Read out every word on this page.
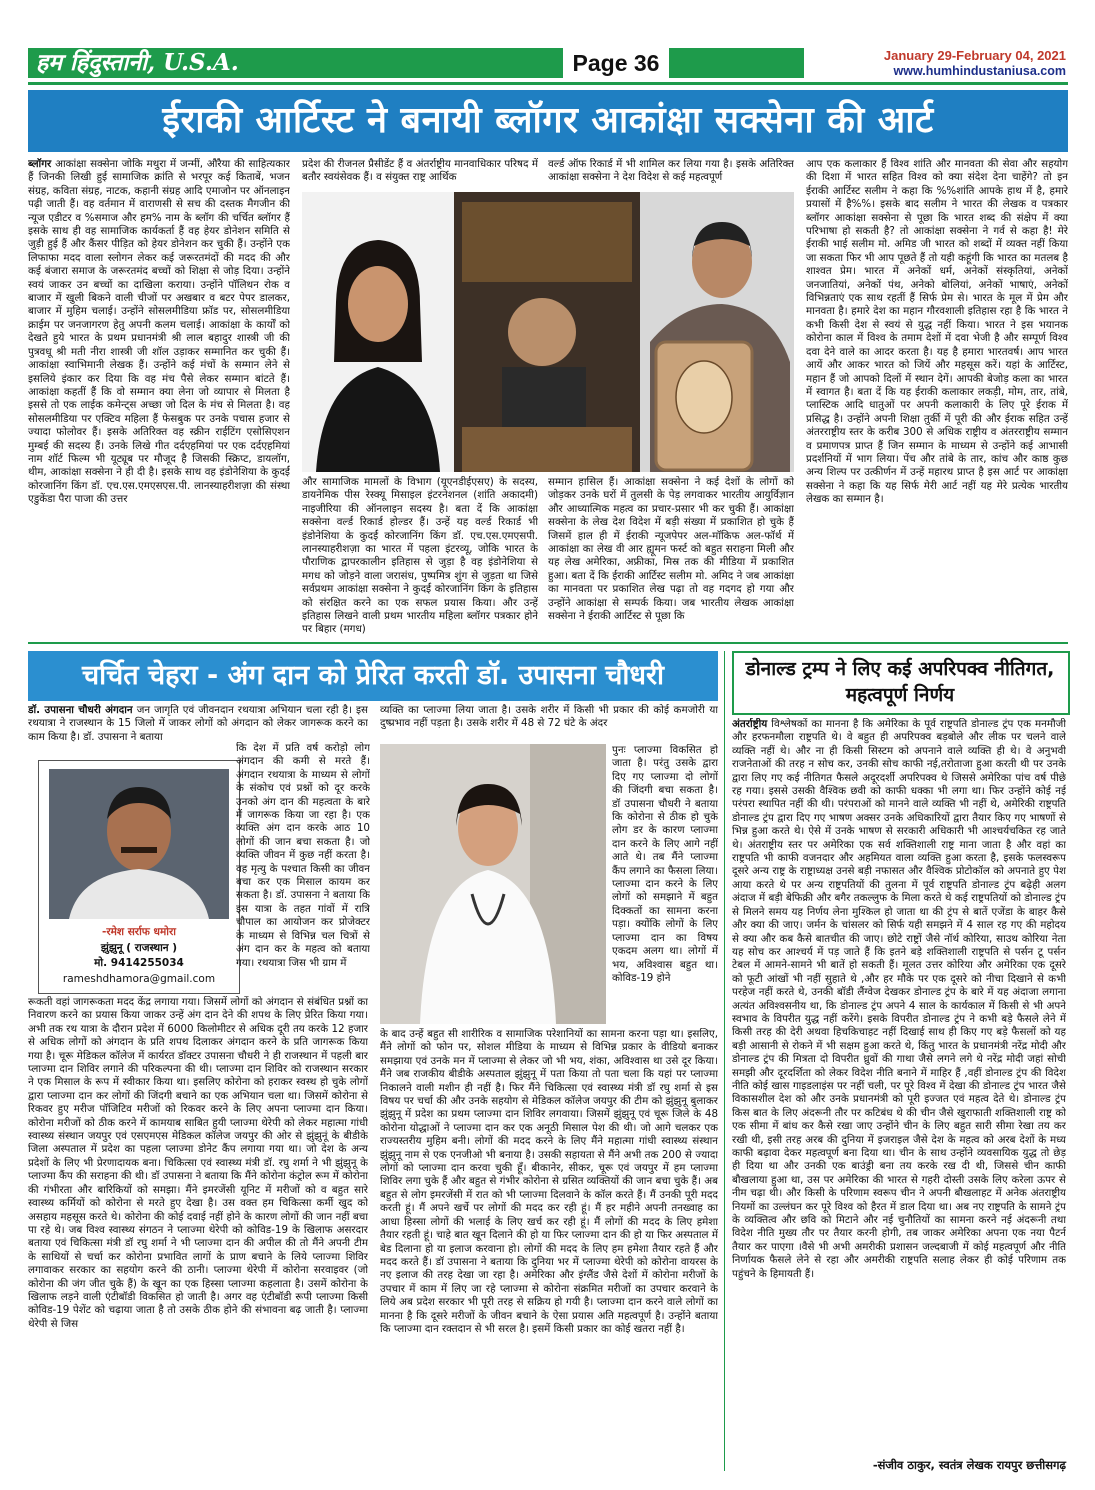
हम हिंदुस्तानी, U.S.A.	Page 36	January 29-February 04, 2021
www.humhindustaniusa.com
ईराकी आर्टिस्ट ने बनायी ब्लॉगर आकांक्षा सक्सेना की आर्ट
ब्लॉगर आकांक्षा सक्सेना जोकि मथुरा में जन्मीं, औरैया की साहित्यकार हैं जिनकी लिखी हुई सामाजिक क्रांति से भरपूर कई किताबें, भजन संग्रह, कविता संग्रह, नाटक, कहानी संग्रह आदि एमाजोन पर ऑनलाइन पढ़ी जाती हैं। वह वर्तमान में वाराणसी से सच की दस्तक मैगजीन की न्यूज एडीटर व %समाज और हम% नाम के ब्लॉग की चर्चित ब्लॉगर हैं इसके साथ ही वह सामाजिक कार्यकर्ता हैं वह हेयर डोनेशन समिति से जुड़ी हुई हैं और कैंसर पीड़ित को हेयर डोनेशन कर चुकी हैं। उन्होंने एक लिफाफा मदद वाला स्लोगन लेकर कई जरूरतमंदों की मदद की और कई बंजारा समाज के जरूरतमंद बच्चों को शिक्षा से जोड़ दिया। उन्होंने स्वयं जाकर उन बच्चों का दाखिला कराया। उन्होंने पॉलिथन रोक व बाजार में खुली बिकने वाली चीजों पर अखबार व बटर पेपर डालकर, बाजार में मुहिम चलाई। उन्होंने सोसलमीडिया फ्रॉड पर, सोसलमीडिया क्राईम पर जनजागरण हेतु अपनी कलम चलाई। आकांक्षा के कार्यों को देखते हुये भारत के प्रथम प्रधानमंत्री श्री लाल बहादुर शास्त्री जी की पुत्रवधू श्री मती नीरा शास्त्री जी शॉल उड़ाकर सम्मानित कर चुकी हैं। आकांक्षा स्वाभिमानी लेखक हैं। उन्होंने कई मंचों के सम्मान लेने से इसलिये इंकार कर दिया कि वह मंच पैसे लेकर सम्मान बांटते हैं। आकांक्षा कहतीं हैं कि वो सम्मान क्या लेना जो व्यापार से मिलता है इससे तो एक लाईक कमेन्ट्स अच्छा जो दिल के मंच से मिलता है। वह सोसलमीडिया पर एक्टिव महिला हैं फेसबुक पर उनके पचास हजार से ज्यादा फोलोवर हैं। इसके अतिरिक्त वह स्क्रीन राईटिंग एसोसिएशन मुम्बई की सदस्य हैं। उनके लिखे गीत दर्दएहमियां पर एक दर्दएहमियां नाम शॉर्ट फिल्म भी यूट्यूब पर मौजूद है जिसकी स्क्रिप्ट, डायलॉग, थीम, आकांक्षा सक्सेना ने ही दी है। इसके साथ वह इंडोनेशिया के कुदर्ई कोरजानिंग किंग डॉ. एच.एस.एमएसएस.पी. लानस्याहरीशज़ा की संस्था एडुकेंडा पैरा पाजा की उत्तर
प्रदेश की रीजनल प्रैसीडेंट हैं व अंतर्राष्ट्रीय मानवाधिकार परिषद में बतौर स्वयंसेवक हैं। व संयुक्त राष्ट्र आर्थिक
वर्ल्ड ऑफ रिकार्ड में भी शामिल कर लिया गया है। इसके अतिरिक्त आकांक्षा सक्सेना ने देश विदेश से कई महत्वपूर्ण
और सामाजिक मामलों के विभाग (यूएनडीईएसए) के सदस्य, डायनेमिक पीस रेस्क्यू मिसाइल इंटरनेशनल (शांति अकादमी) नाइजीरिया की ऑनलाइन सदस्य है। बता दें कि आकांक्षा सक्सेना वर्ल्ड रिकार्ड होल्डर हैं। उन्हें यह वर्ल्ड रिकार्ड भी इंडोनेशिया के कुदर्ई कोरजानिंग किंग डॉ. एच.एस.एमएसपी. लानस्याहरीशज़ा का भारत में पहला इंटरव्यू, जोकि भारत के पौराणिक द्वापरकालीन इतिहास से जुड़ा है वह इंडोनेशिया से मगध को जोड़ने वाला जरासंध, पुष्पमित्र शुंग से जुड़ता था जिसे सर्वप्रथम आकांक्षा सक्सेना ने कुदर्ई कोरजानिंग किंग के इतिहास को संरक्षित करने का एक सफल प्रयास किया। और उन्हें इतिहास लिखने वाली प्रथम भारतीय महिला ब्लॉगर पत्रकार होने पर बिहार (मगध)
सम्मान हासिल हैं। आकांक्षा सक्सेना ने कई देशों के लोगों को जोड़कर उनके घरों में तुलसी के पेड़ लगवाकर भारतीय आयुर्विज्ञान और आध्यात्मिक महत्व का प्रचार-प्रसार भी कर चुकी हैं। आकांक्षा सक्सेना के लेख देश विदेश में बड़ी संख्या में प्रकाशित हो चुके हैं जिसमें हाल ही में ईराकी न्यूजपेपर अल-मॉकिफ अल-फॉर्थ में आकांक्षा का लेख वी आर ह्यूमन फर्स्ट को बहुत सराहना मिली और यह लेख अमेरिका, अफ्रीका, मिस्र तक की मीडिया में प्रकाशित हुआ। बता दें कि ईराकी आर्टिस्ट सलीम मो. अमिद ने जब आकांक्षा का मानवता पर प्रकाशित लेख पढ़ा तो वह गदगद हो गया और उन्होंने आकांक्षा से सम्पर्क किया। जब भारतीय लेखक आकांक्षा सक्सेना ने ईराकी आर्टिस्ट से पूछा कि
आप एक कलाकार हैं विश्व शांति और मानवता की सेवा और सहयोग की दिशा में भारत सहित विश्व को क्या संदेश देना चाहेंगे? तो इन ईराकी आर्टिस्ट सलीम ने कहा कि %%शांति आपके हाथ में है, हमारे प्रयासों में है%%। इसके बाद सलीम ने भारत की लेखक व पत्रकार ब्लॉगर आकांक्षा सक्सेना से पूछा कि भारत शब्द की संक्षेप में क्या परिभाषा हो सकती है? तो आकांक्षा सक्सेना ने गर्व से कहा है! मेरे ईराकी भाई सलीम मो. अमिड जी भारत को शब्दों में व्यक्त नहीं किया जा सकता फिर भी आप पूछते हैं तो यही कहूंगी कि भारत का मतलब है शाश्वत प्रेम। भारत में अनेकों धर्म, अनेकों संस्कृतियां, अनेकों जनजातियां, अनेकों पंथ, अनेको बोलियां, अनेकों भाषाएं, अनेकों विभिन्नताएं एक साथ रहतीं हैं सिर्फ प्रेम से। भारत के मूल में प्रेम और मानवता है। हमारे देश का महान गौरवशाली इतिहास रहा है कि भारत ने कभी किसी देश से स्वयं से युद्ध नहीं किया। भारत ने इस भयानक कोरोना काल में विश्व के तमाम देशों में दवा भेजी है और सम्पूर्ण विश्व दवा देने वाले का आदर करता है। यह है हमारा भारतवर्ष। आप भारत आयें और आकर भारत को जियें और महसूस करें। यहां के आर्टिस्ट, महान हैं जो आपको दिलों में स्थान देगें। आपकी बेजोड़ कला का भारत में स्वागत है। बता दें कि यह ईराकी कलाकार लकड़ी, मोम, तार, तांबे, प्लास्टिक आदि धातुओं पर अपनी कलाकारी के लिए पूरे ईराक में प्रसिद्ध है। उन्होंने अपनी शिक्षा तुर्की में पूरी की और ईराक सहित उन्हें अंतरराष्ट्रीय स्तर के करीब 300 से अधिक राष्ट्रीय व अंतरराष्ट्रीय सम्मान व प्रमाणपत्र प्राप्त हैं जिन सम्मान के माध्यम से उन्होंने कई आभासी प्रदर्शनियों में भाग लिया। पेंच और तांबे के तार, कांच और काष्ठ कुछ अन्य शिल्प पर उत्कीर्णन में उन्हें महारथ प्राप्त है इस आर्ट पर आकांक्षा सक्सेना ने कहा कि यह सिर्फ मेरी आर्ट नहीं यह मेरे प्रत्येक भारतीय लेखक का सम्मान है।
चर्चित चेहरा - अंग दान को प्रेरित करती डॉ. उपासना चौधरी
डॉ. उपासना चौधरी अंगदान जन जागृति एवं जीवनदान रथयात्रा अभियान चला रही है। इस रथयात्रा ने राजस्थान के 15 जिलो में जाकर लोगों को अंगदान को लेकर जागरूक करने का काम किया है। डॉ. उपासना ने बताया
-रमेश सर्राफ धमोरा
झुंझुनू ( राजस्थान )
मो. 9414255034
rameshdhamora@gmail.com
कि देश में प्रति वर्ष करोड़ो लोग अंगदान की कमी से मरते हैं। अंगदान रथयात्रा के माध्यम से लोगों के संकोच एवं प्रश्नों को दूर करके उनको अंग दान की महत्वता के बारे में जागरूक किया जा रहा है। एक व्यक्ति अंग दान करके आठ 10 लोगों की जान बचा सकता है। जो व्यक्ति जीवन में कुछ नहीं करता है। वह मृत्यु के पश्चात किसी का जीवन बचा कर एक मिसाल कायम कर सकता है। डॉ. उपासना ने बताया कि इस यात्रा के तहत गांवों में रात्रि चौपाल का आयोजन कर प्रोजेक्टर के माध्यम से विभिन्न चल चित्रों से अंग दान कर के महत्व को बताया गया। रथयात्रा जिस भी ग्राम में
रूकती वहां जागरूकता मदद केंद्र लगाया गया। जिसमें लोगों को अंगदान से संबंधित प्रश्नों का निवारण करने का प्रयास किया जाकर उन्हें अंग दान देने की शपथ के लिए प्रेरित किया गया। अभी तक रथ यात्रा के दौरान प्रदेश में 6000 किलोमीटर से अधिक दूरी तय करके 12 हजार से अधिक लोगों को अंगदान के प्रति शपथ दिलाकर अंगदान करने के प्रति जागरूक किया गया है। चूरू मेडिकल कॉलेज में कार्यरत डॉक्टर उपासना चौधरी ने ही राजस्थान में पहली बार प्लाज्मा दान शिविर लगाने की परिकल्पना की थी। प्लाज्मा दान शिविर को राजस्थान सरकार ने एक मिसाल के रूप में स्वीकार किया था। इसलिए कोरोना को हराकर स्वस्थ हो चुके लोगों द्वारा प्लाज्मा दान कर लोगों की जिंदगी बचाने का एक अभियान चला था। जिसमें कोरोना से रिकवर हुए मरीज पॉजिटिव मरीजों को रिकवर करने के लिए अपना प्लाज्मा दान किया। कोरोना मरीजों को ठीक करने में कामयाब साबित हुयी प्लाज्मा थेरेपी को लेकर महात्मा गांधी स्वास्थ्य संस्थान जयपुर एवं एसएमएस मेडिकल कॉलेज जयपुर की ओर से झुंझुनूं के बीडीके जिला अस्पताल में प्रदेश का पहला प्लाज्मा डोनेट कैंप लगाया गया था। जो देश के अन्य प्रदेशों के लिए भी प्रेरणादायक बना। चिकित्सा एवं स्वास्थ्य मंत्री डॉ. रघु शर्मा ने भी झुंझुनू के प्लाज्मा कैंप की सराहना की थी। डॉ उपासना ने बताया कि मैंने कोरोना कंट्रोल रूम में कोरोना की गंभीरता और बारिकियों को समझा। मैंने इमरजेंसी यूनिट में मरीजों को व बहुत सारे स्वास्थ्य कर्मियों को कोरोना से मरते हुए देखा है। उस वक्त हम चिकित्सा कर्मी खुद को असहाय महसूस करते थे। कोरोना की कोई दवाई नहीं होने के कारण लोगों की जान नहीं बचा पा रहे थे। जब विश्व स्वास्थ्य संगठन ने प्लाज्मा थेरेपी को कोविड-19 के खिलाफ असरदार बताया एवं चिकित्सा मंत्री डॉ रघु शर्मा ने भी प्लाज्मा दान की अपील की तो मैंने अपनी टीम के साथियों से चर्चा कर कोरोना प्रभावित लागों के प्राण बचाने के लिये प्लाज्मा शिविर लगावाकर सरकार का सहयोग करने की ठानी। प्लाज्मा थेरेपी में कोरोना सरवाइवर (जो कोरोना की जंग जीत चुके हैं) के खून का एक हिस्सा प्लाज्मा कहलाता है। उसमें कोरोना के खिलाफ लड़ने वाली एंटीबॉडी विकसित हो जाती है। अगर वह एंटीबॉडी रूपी प्लाज्मा किसी कोविड-19 पेशेंट को चढ़ाया जाता है तो उसके ठीक होने की संभावना बढ़ जाती है। प्लाज्मा थेरेपी से जिस
व्यक्ति का प्लाज्मा लिया जाता है। उसके शरीर में किसी भी प्रकार की कोई कमजोरी या दुष्प्रभाव नहीं पड़ता है। उसके शरीर में 48 से 72 घंटे के अंदर
पुनः प्लाज्मा विकसित हो जाता है। परंतु उसके द्वारा दिए गए प्लाज्मा दो लोगों की जिंदगी बचा सकता है। डॉ उपासना चौधरी ने बताया कि कोरोना से ठीक हो चुके लोग डर के कारण प्लाज्मा दान करने के लिए आगे नहीं आते थे। तब मैंने प्लाज्मा कैंप लगाने का फैसला लिया। प्लाज्मा दान करने के लिए लोगों को समझाने में बहुत दिक्कतों का सामना करना पड़ा। क्योंकि लोगों के लिए प्लाज्मा दान का विषय एकदम अलग था। लोगों में भय, अविश्वास बहुत था। कोविड-19 होने
के बाद उन्हें बहुत सी शारीरिक व सामाजिक परेशानियों का सामना करना पड़ा था। इसलिए, मैंने लोगों को फोन पर, सोशल मीडिया के माध्यम से विभिन्न प्रकार के वीडियो बनाकर समझाया एवं उनके मन में प्लाज्मा से लेकर जो भी भय, शंका, अविश्वास था उसे दूर किया। मैंने जब राजकीय बीडीके अस्पताल झुंझुनू में पता किया तो पता चला कि यहां पर प्लाज्मा निकालने वाली मशीन ही नहीं है। फिर मैंने चिकित्सा एवं स्वास्थ्य मंत्री डॉ रघु शर्मा से इस विषय पर चर्चा की और उनके सहयोग से मेडिकल कॉलेज जयपुर की टीम को झुंझुनू बुलाकर झुंझुनू में प्रदेश का प्रथम प्लाज्मा दान शिविर लगवाया। जिसमें झुंझुनू एवं चूरू जिले के 48 कोरोना योद्धाओं ने प्लाज्मा दान कर एक अनूठी मिसाल पेश की थी। जो आगे चलकर एक राज्यस्तरीय मुहिम बनी। लोगों की मदद करने के लिए मैंने महात्मा गांधी स्वास्थ्य संस्थान झुंझुनू नाम से एक एनजीओ भी बनाया है। उसकी सहायता से मैंने अभी तक 200 से ज्यादा लोगों को प्लाज्मा दान करवा चुकी हूँ। बीकानेर, सीकर, चूरू एवं जयपुर में हम प्लाज्मा शिविर लगा चुके हैं और बहुत से गंभीर कोरोना से ग्रसित व्यक्तियों की जान बचा चुके हैं। अब बहुत से लोग इमरजेंसी में रात को भी प्लाज्मा दिलवाने के कॉल करते हैं। मैं उनकी पूरी मदद करती हूं। मैं अपने खर्चे पर लोगों की मदद कर रही हूं। मैं हर महीने अपनी तनख्वाह का आधा हिस्सा लोगों की भलाई के लिए खर्च कर रही हूं। मैं लोगों की मदद के लिए हमेशा तैयार रहती हूं। चाहे बात खून दिलाने की हो या फिर प्लाज्मा दान की हो या फिर अस्पताल में बेड दिलाना हो या इलाज करवाना हो। लोगों की मदद के लिए हम हमेशा तैयार रहते हैं और मदद करते हैं। डॉ उपासना ने बताया कि दुनिया भर में प्लाज्मा थेरेपी को कोरोना वायरस के नए इलाज की तरह देखा जा रहा है। अमेरिका और इंग्लैंड जैसे देशों में कोरोना मरीजों के उपचार में काम में लिए जा रहे प्लाज्मा से कोरोना संक्रमित मरीजों का उपचार करवाने के लिये अब प्रदेश सरकार भी पूरी तरह से सक्रिय हो गयी है। प्लाज्मा दान करने वाले लोगों का मानना है कि दूसरे मरीजों के जीवन बचाने के ऐसा प्रयास अति महत्वपूर्ण है। उन्होंने बताया कि प्लाज्मा दान रक्तदान से भी सरल है। इसमें किसी प्रकार का कोई खतरा नहीं है।
डोनाल्ड ट्रम्प ने लिए कई अपरिपक्व नीतिगत, महत्वपूर्ण निर्णय
अंतर्राष्ट्रीय विश्लेषकों का मानना है कि अमेरिका के पूर्व राष्ट्रपति डोनाल्ड ट्रंप एक मनमौजी और हरफनमौला राष्ट्रपति थे। वे बहुत ही अपरिपक्व बड़बोले और लीक पर चलने वाले व्यक्ति नहीं थे। और ना ही किसी सिस्टम को अपनाने वाले व्यक्ति ही थे। वे अनुभवी राजनेताओं की तरह न सोच कर, उनकी सोच काफी नई,तरोताजा हुआ करती थी पर उनके द्वारा लिए गए कई नीतिगत फैसले अदूरदर्शी अपरिपक्व थे जिससे अमेरिका पांच वर्ष पीछे रह गया। इससे उसकी वैश्विक छवी को काफी धक्का भी लगा था। फिर उन्होंने कोई नई परंपरा स्थापित नहीं की थी। परंपराओं को मानने वाले व्यक्ति भी नहीं थे, अमेरिकी राष्ट्रपति डोनाल्ड ट्रंप द्वारा दिए गए भाषण अक्सर उनके अधिकारियों द्वारा तैयार किए गए भाषणों से भिन्न हुआ करते थे। ऐसे में उनके भाषण से सरकारी अधिकारी भी आश्चर्यचकित रह जाते थे। अंतराष्ट्रीय स्तर पर अमेरिका एक सर्व शक्तिशाली राष्ट्र माना जाता है और वहां का राष्ट्रपति भी काफी वजनदार और अहमियत वाला व्यक्ति हुआ करता है, इसके फलस्वरूप दूसरे अन्य राष्ट्र के राष्ट्राध्यक्ष उनसे बड़ी नफासत और वैश्विक प्रोटोकॉल को अपनाते हुए पेश आया करते थे पर अन्य राष्ट्रपतियों की तुलना में पूर्व राष्ट्रपति डोनाल्ड ट्रंप बढ़ेही अलग अंदाज में बड़ी बेफिक्री और बगैर तकल्लुफ के मिला करते थे कई राष्ट्रपतियों को डोनाल्ड ट्रंप से मिलने समय यह निर्णय लेना मुश्किल हो जाता था की ट्रंप से बातें एजेंडा के बाहर कैसे और क्या की जाए। जर्मन के चांसलर को सिर्फ यही समझने में 4 साल रह गए की महोदय से क्या और कब कैसे बातचीत की जाए। छोटे राष्ट्रों जैसे नॉर्थ कोरिया, साउथ कोरिया नेता यह सोच कर आश्चर्य में पड़ जाते हैं कि इतने बड़े शक्तिशाली राष्ट्रपति से पर्सन टू पर्सन टेबल में आमने-सामने भी बातें हो सकती हैं। मूलत उत्तर कोरिया और अमेरिका एक दूसरे को फूटी आंखों भी नहीं सुहाते थे ,और हर मौके पर एक दूसरे को नीचा दिखाने से कभी परहेज नहीं करते थे, उनकी बॉडी लैंग्वेज देखकर डोनाल्ड ट्रंप के बारे में यह अंदाजा लगाना अत्यंत अविश्वसनीय था, कि डोनाल्ड ट्रंप अपने 4 साल के कार्यकाल में किसी से भी अपने स्वभाव के विपरीत युद्ध नहीं करेंगे। इसके विपरीत डोनाल्ड ट्रंप ने कभी बड़े फैसले लेने में किसी तरह की देरी अथवा हिचकिचाहट नहीं दिखाई साथ ही किए गए बड़े फैसलों को यह बड़ी आसानी से रोकने में भी सक्षम हुआ करते थे, किंतु भारत के प्रधानमंत्री नरेंद्र मोदी और डोनाल्ड ट्रंप की मित्रता दो विपरीत ध्रुवों की गाथा जैसे लगने लगे थे नरेंद्र मोदी जहां सोची समझी और दूरदर्शिता को लेकर विदेश नीति बनाने में माहिर हैं ,वहीं डोनाल्ड ट्रंप की विदेश नीति कोई खास गाइडलाइंस पर नहीं चली, पर पूरे विश्व में देखा की डोनाल्ड ट्रंप भारत जैसे विकासशील देश को और उनके प्रधानमंत्री को पूरी इज्जत एवं महत्व देते थे। डोनाल्ड ट्रंप किस बात के लिए अंदरूनी तौर पर कटिबंध थे की चीन जैसे खुराफाती शक्तिशाली राष्ट्र को एक सीमा में बांध कर कैसे रखा जाए उन्होंने चीन के लिए बहुत सारी सीमा रेखा तय कर रखी थी, इसी तरह अरब की दुनिया में इजराइल जैसे देश के महत्व को अरब देशों के मध्य काफी बढ़ावा देकर महत्वपूर्ण बना दिया था। चीन के साथ उन्होंने व्यवसायिक युद्ध तो छेड़ ही दिया था और उनकी एक बाउंड्री बना तय करके रख दी थी, जिससे चीन काफी बौखलाया हुआ था, उस पर अमेरिका की भारत से गहरी दोस्ती उसके लिए करेला ऊपर से नीम चढ़ा थी। और किसी के परिणाम स्वरूप चीन ने अपनी बौखलाहट में अनेक अंतराष्ट्रीय नियमों का उल्लंघन कर पूरे विश्व को हैरत में डाल दिया था। अब नए राष्ट्रपति के सामने ट्रंप के व्यक्तित्व और छवि को मिटाने और नई चुनौतियों का सामना करने नई अंदरूनी तथा विदेश नीति मुख्य तौर पर तैयार करनी होगी, तब जाकर अमेरिका अपना एक नया पैटर्न तैयार कर पाएगा ।वैसे भी अभी अमरीकी प्रशासन जल्दबाजी में कोई महत्वपूर्ण और नीति निर्णायक फैसले लेने से रहा और अमरीकी राष्ट्रपति सलाह लेकर ही कोई परिणाम तक पहुंचने के हिमायती हैं।
-संजीव ठाकुर, स्वतंत्र लेखक रायपुर छत्तीसगढ़
